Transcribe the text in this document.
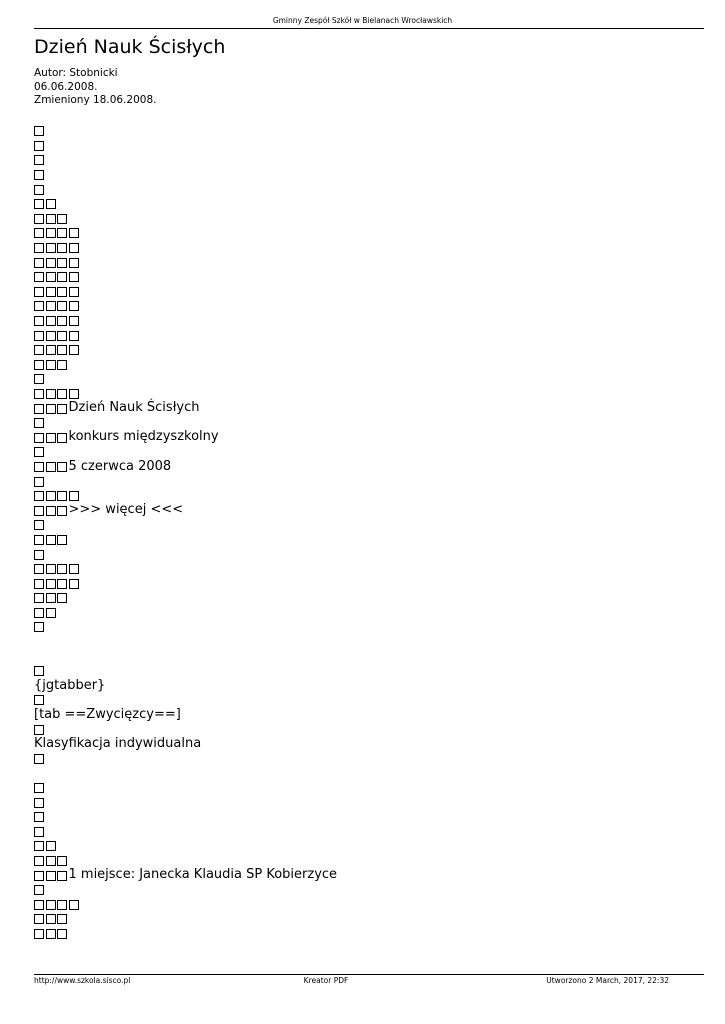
Gminny Zespół Szkół w Bielanach Wrocławskich
Dzień Nauk Ścisłych
Autor: Stobnicki
06.06.2008.
Zmieniony 18.06.2008.
Dzień Nauk Ścisłych
konkurs międzyszkolny
5 czerwca 2008
>>> więcej <<<
{jgtabber}
[tab ==Zwycięzcy==]
Klasyfikacja indywidualna
1 miejsce: Janecka Klaudia SP Kobierzyce
http://www.szkola.sisco.pl	Kreator PDF	Utworzono 2 March, 2017, 22:32
